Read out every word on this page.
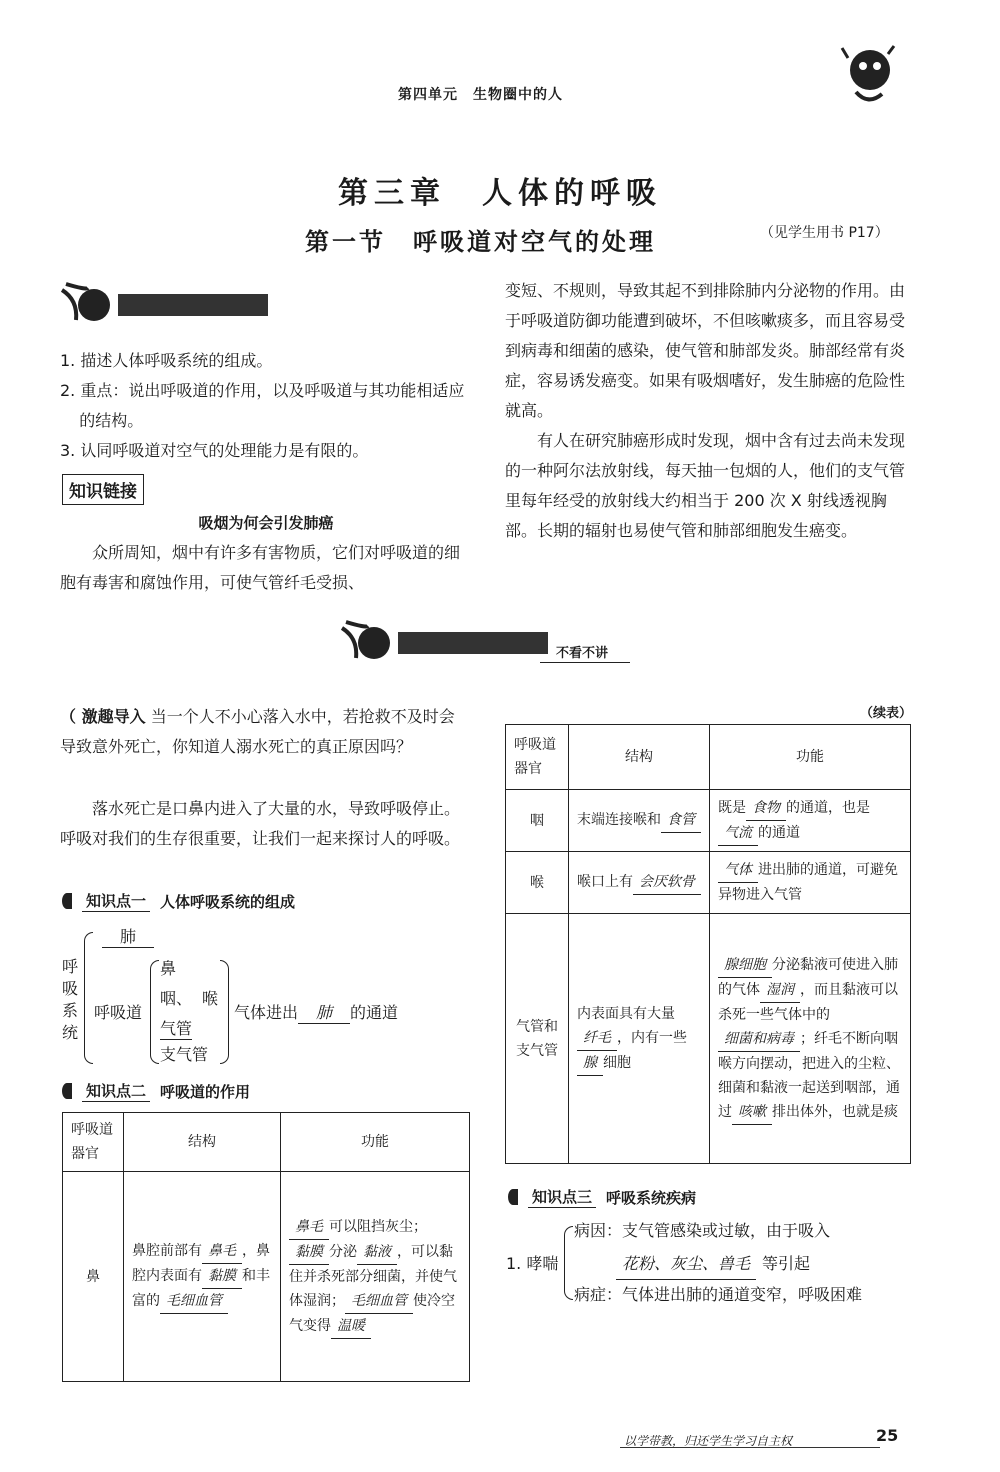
第四单元　生物圈中的人
第三章　人体的呼吸
第一节　呼吸道对空气的处理	（见学生用书 P17）
1. 描述人体呼吸系统的组成。
2. 重点：说出呼吸道的作用，以及呼吸道与其功能相适应的结构。
3. 认同呼吸道对空气的处理能力是有限的。
知识链接
吸烟为何会引发肺癌
众所周知，烟中有许多有害物质，它们对呼吸道的细胞有毒害和腐蚀作用，可使气管纤毛受损、
变短、不规则，导致其起不到排除肺内分泌物的作用。由于呼吸道防御功能遭到破坏，不但咳嗽痰多，而且容易受到病毒和细菌的感染，使气管和肺部发炎。肺部经常有炎症，容易诱发癌变。如果有吸烟嗜好，发生肺癌的危险性就高。
有人在研究肺癌形成时发现，烟中含有过去尚未发现的一种阿尔法放射线，每天抽一包烟的人，他们的支气管里每年经受的放射线大约相当于 200 次 X 射线透视胸部。长期的辐射也易使气管和肺部细胞发生癌变。
不看不讲
（ 激趣导入 当一个人不小心落入水中，若抢救不及时会导致意外死亡，你知道人溺水死亡的真正原因吗？
落水死亡是口鼻内进入了大量的水，导致呼吸停止。呼吸对我们的生存很重要，让我们一起来探讨人的呼吸。
知识点一 人体呼吸系统的组成
呼吸系统
肺
呼吸道
鼻
咽、 喉
气管
支气管
气体进出 肺 的通道
知识点二 呼吸道的作用
呼吸道器官	结构	功能
鼻	鼻腔前部有 鼻毛 ，鼻腔内表面有 黏膜 和丰富的 毛细血管	鼻毛 可以阻挡灰尘；黏膜 分泌 黏液 ，可以黏住并杀死部分细菌，并使气体湿润； 毛细血管 使冷空气变得 温暖
（续表）
呼吸道器官	结构	功能
咽	末端连接喉和 食管	既是 食物 的通道，也是气流 的通道
喉	喉口上有 会厌软骨	气体 进出肺的通道，可避免异物进入气管
气管和支气管	内表面具有大量纤毛 ，内有一些腺 细胞	腺细胞 分泌黏液可使进入肺的气体 湿润 ，而且黏液可以杀死一些气体中的细菌和病毒 ；纤毛不断向咽喉方向摆动，把进入的尘粒、细菌和黏液一起送到咽部，通过 咳嗽 排出体外，也就是痰
知识点三 呼吸系统疾病
1. 哮喘
病因：支气管感染或过敏，由于吸入
花粉、灰尘、兽毛 等引起
病症：气体进出肺的通道变窄，呼吸困难
以学带教，归还学生学习自主权	25
